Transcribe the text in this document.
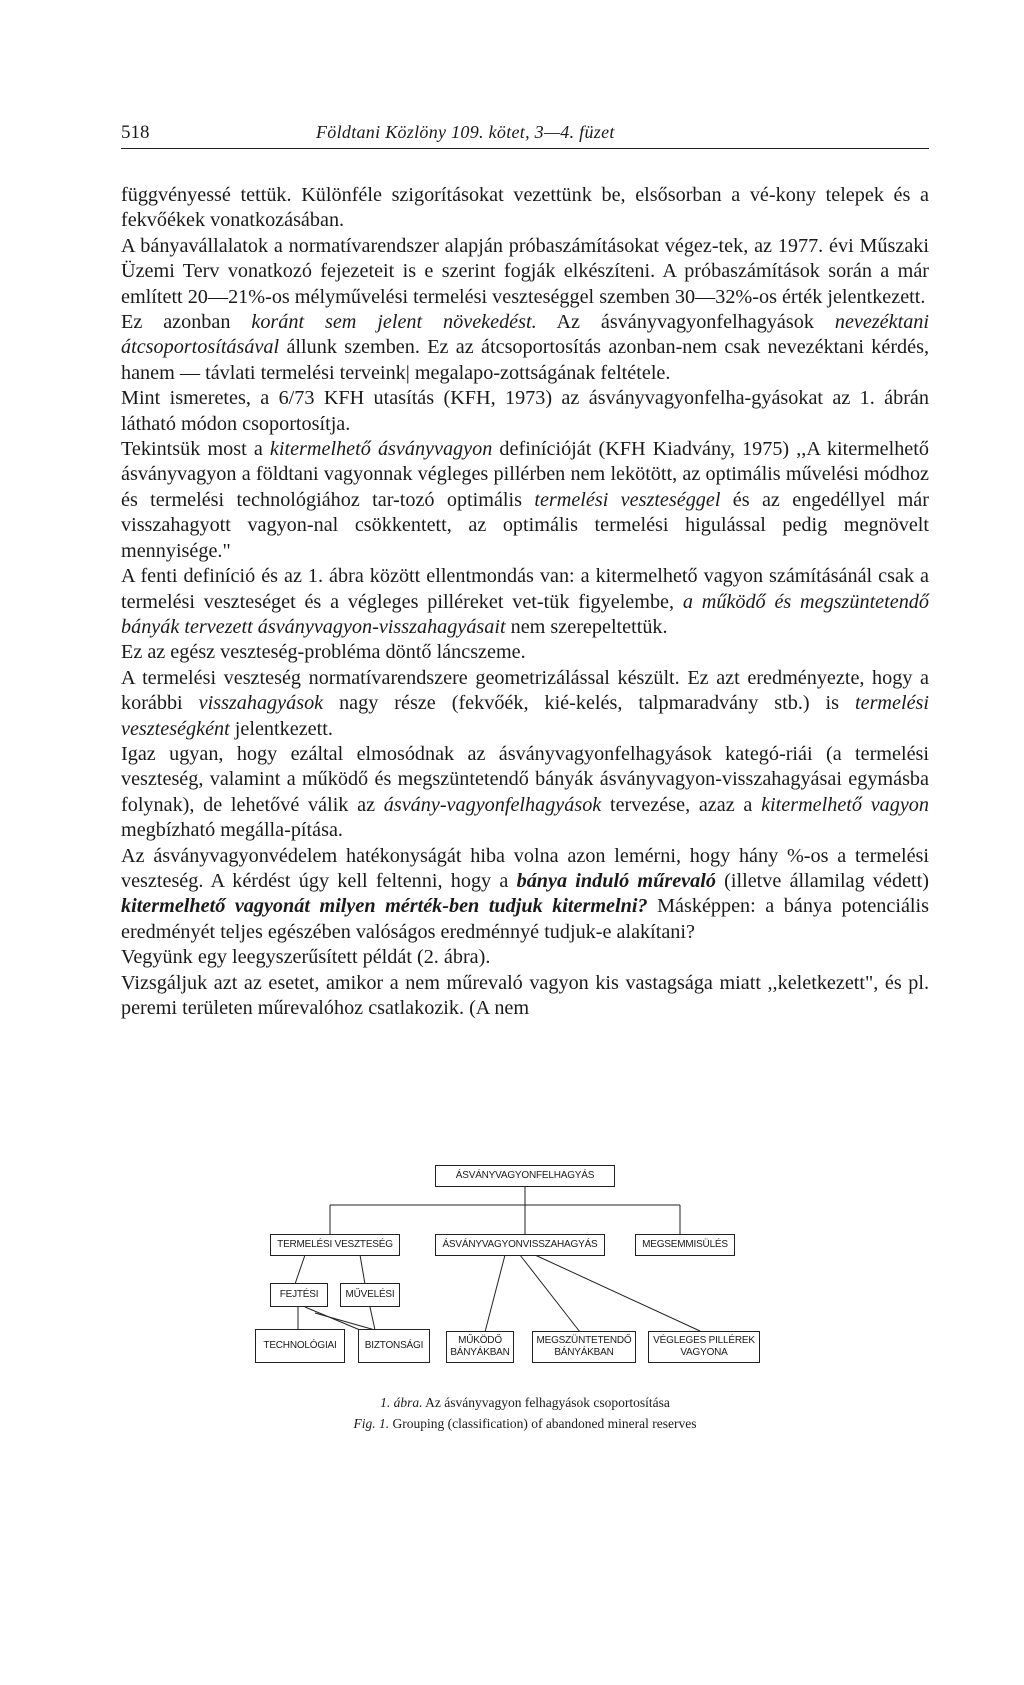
518	Földtani Közlöny 109. kötet, 3—4. füzet

függvényessé tettük. Különféle szigorításokat vezettünk be, elsősorban a vé-kony telepek és a fekvőékek vonatkozásában.

A bányavállalatok a normatívarendszer alapján próbaszámításokat végez-tek, az 1977. évi Műszaki Üzemi Terv vonatkozó fejezeteit is e szerint fogják elkészíteni. A próbaszámítások során a már említett 20—21%-os mélyművelési termelési veszteséggel szemben 30—32%-os érték jelentkezett.

Ez azonban koránt sem jelent növekedést. Az ásványvagyonfelhagyások nevezéktani átcsoportosításával állunk szemben. Ez az átcsoportosítás azonban-nem csak nevezéktani kérdés, hanem — távlati termelési terveink| megalapo-zottságának feltétele.

Mint ismeretes, a 6/73 KFH utasítás (KFH, 1973) az ásványvagyonfelha-gyásokat az 1. ábrán látható módon csoportosítja.

Tekintsük most a kitermelhető ásványvagyon definícióját (KFH Kiadvány, 1975) ,,A kitermelhető ásványvagyon a földtani vagyonnak végleges pillérben nem lekötött, az optimális művelési módhoz és termelési technológiához tar-tozó optimális termelési veszteséggel és az engedéllyel már visszahagyott vagyon-nal csökkentett, az optimális termelési higulással pedig megnövelt mennyisége."

A fenti definíció és az 1. ábra között ellentmondás van: a kitermelhető vagyon számításánál csak a termelési veszteséget és a végleges pilléreket vet-tük figyelembe, a működő és megszüntetendő bányák tervezett ásványvagyon-visszahagyásait nem szerepeltettük.

Ez az egész veszteség-probléma döntő láncszeme.

A termelési veszteség normatívarendszere geometrizálással készült. Ez azt eredményezte, hogy a korábbi visszahagyások nagy része (fekvőék, kié-kelés, talpmaradvány stb.) is termelési veszteségként jelentkezett.

Igaz ugyan, hogy ezáltal elmosódnak az ásványvagyonfelhagyások kategó-riái (a termelési veszteség, valamint a működő és megszüntetendő bányák ásványvagyon-visszahagyásai egymásba folynak), de lehetővé válik az ásvány-vagyonfelhagyások tervezése, azaz a kitermelhető vagyon megbízható megálla-pítása.

Az ásványvagyonvédelem hatékonyságát hiba volna azon lemérni, hogy hány %-os a termelési veszteség. A kérdést úgy kell feltenni, hogy a bánya induló műrevaló (illetve államilag védett) kitermelhető vagyonát milyen mérték-ben tudjuk kitermelni? Másképpen: a bánya potenciális eredményét teljes egészében valóságos eredménnyé tudjuk-e alakítani?

Vegyünk egy leegyszerűsített példát (2. ábra).

Vizsgáljuk azt az esetet, amikor a nem műrevaló vagyon kis vastagsága miatt ,,keletkezett", és pl. peremi területen műrevalóhoz csatlakozik. (A nem

ÁSVÁNYVAGYONFELHAGYÁS
TERMELÉSI VESZTESÉG	ÁSVÁNYVAGYONVISSZAHAGYÁS	MEGSEMMISÜLÉS
FEJTÉSI	MŰVELÉSI
TECHNOLÓGIAI	BIZTONSÁGI	MŰKÖDŐ
BÁNYÁKBAN
MEGSZÜNTETENDŐ
BÁNYÁKBAN
VÉGLEGES PILLÉREK
VAGYONA
1. ábra. Az ásványvagyon felhagyások csoportosítása
Fig. 1. Grouping (classification) of abandoned mineral reserves
